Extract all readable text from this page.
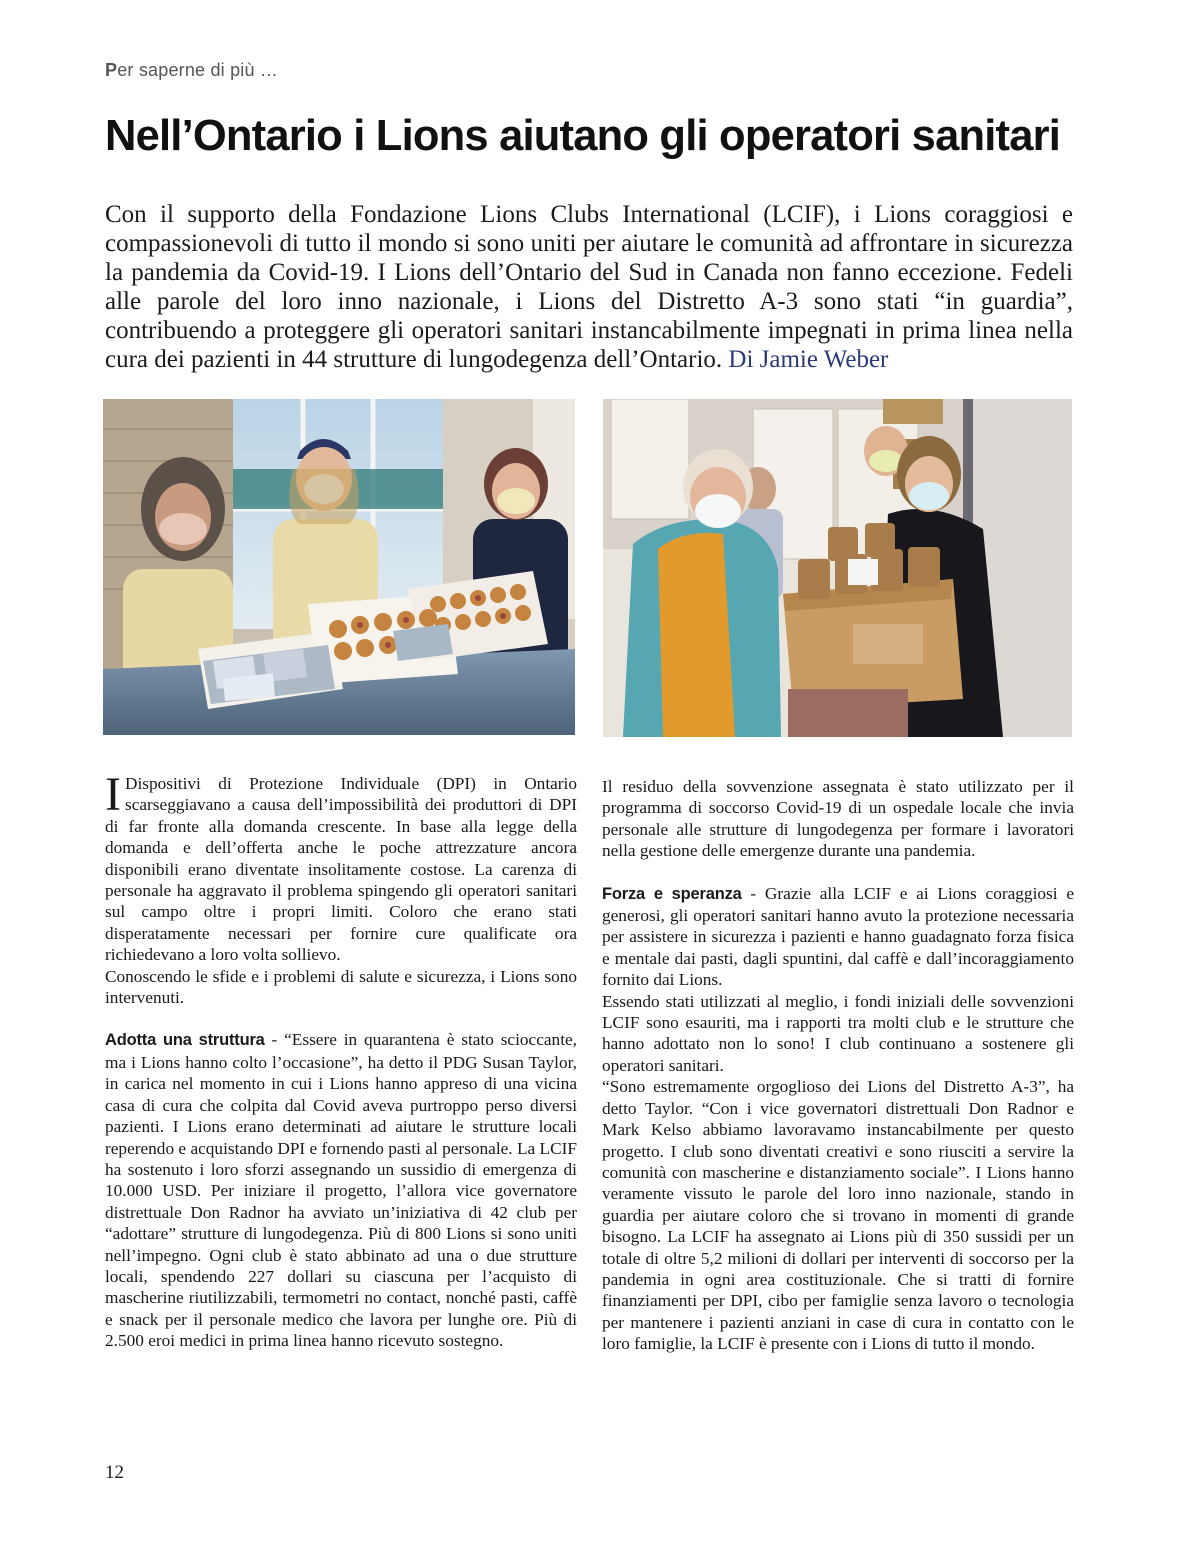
Per saperne di più …
Nell’Ontario i Lions aiutano gli operatori sanitari

Con il supporto della Fondazione Lions Clubs International (LCIF), i Lions coraggiosi e compassionevoli di tutto il mondo si sono uniti per aiutare le comunità ad affrontare in sicurezza la pandemia da Covid-19. I Lions dell’Ontario del Sud in Canada non fanno eccezione. Fedeli alle parole del loro inno nazionale, i Lions del Distretto A-3 sono stati “in guardia”, contribuendo a proteggere gli operatori sanitari instancabilmente impegnati in prima linea nella cura dei pazienti in 44 strutture di lungodegenza dell’Ontario. Di Jamie Weber

I Dispositivi di Protezione Individuale (DPI) in Ontario scarseggiavano a causa dell’impossibilità dei produttori di DPI di far fronte alla domanda crescente. In base alla legge della domanda e dell’offerta anche le poche attrezzature ancora disponibili erano diventate insolitamente costose. La carenza di personale ha aggravato il problema spingendo gli operatori sanitari sul campo oltre i propri limiti. Coloro che erano stati disperatamente necessari per fornire cure qualificate ora richiedevano a loro volta sollievo.

Conoscendo le sfide e i problemi di salute e sicurezza, i Lions sono intervenuti.

Adotta una struttura - “Essere in quarantena è stato scioccante, ma i Lions hanno colto l’occasione”, ha detto il PDG Susan Taylor, in carica nel momento in cui i Lions hanno appreso di una vicina casa di cura che colpita dal Covid aveva purtroppo perso diversi pazienti. I Lions erano determinati ad aiutare le strutture locali reperendo e acquistando DPI e fornendo pasti al personale. La LCIF ha sostenuto i loro sforzi assegnando un sussidio di emergenza di 10.000 USD. Per iniziare il progetto, l’allora vice governatore distrettuale Don Radnor ha avviato un’iniziativa di 42 club per “adottare” strutture di lungodegenza. Più di 800 Lions si sono uniti nell’impegno. Ogni club è stato abbinato ad una o due strutture locali, spendendo 227 dollari su ciascuna per l’acquisto di mascherine riutilizzabili, termometri no contact, nonché pasti, caffè e snack per il personale medico che lavora per lunghe ore. Più di 2.500 eroi medici in prima linea hanno ricevuto sostegno.

Il residuo della sovvenzione assegnata è stato utilizzato per il programma di soccorso Covid-19 di un ospedale locale che invia personale alle strutture di lungodegenza per formare i lavoratori nella gestione delle emergenze durante una pandemia.

Forza e speranza - Grazie alla LCIF e ai Lions coraggiosi e generosi, gli operatori sanitari hanno avuto la protezione necessaria per assistere in sicurezza i pazienti e hanno guadagnato forza fisica e mentale dai pasti, dagli spuntini, dal caffè e dall’incoraggiamento fornito dai Lions.

Essendo stati utilizzati al meglio, i fondi iniziali delle sovvenzioni LCIF sono esauriti, ma i rapporti tra molti club e le strutture che hanno adottato non lo sono! I club continuano a sostenere gli operatori sanitari.

“Sono estremamente orgoglioso dei Lions del Distretto A-3”, ha detto Taylor. “Con i vice governatori distrettuali Don Radnor e Mark Kelso abbiamo lavoravamo instancabilmente per questo progetto. I club sono diventati creativi e sono riusciti a servire la comunità con mascherine e distanziamento sociale”. I Lions hanno veramente vissuto le parole del loro inno nazionale, stando in guardia per aiutare coloro che si trovano in momenti di grande bisogno. La LCIF ha assegnato ai Lions più di 350 sussidi per un totale di oltre 5,2 milioni di dollari per interventi di soccorso per la pandemia in ogni area costituzionale. Che si tratti di fornire finanziamenti per DPI, cibo per famiglie senza lavoro o tecnologia per mantenere i pazienti anziani in case di cura in contatto con le loro famiglie, la LCIF è presente con i Lions di tutto il mondo.

12
